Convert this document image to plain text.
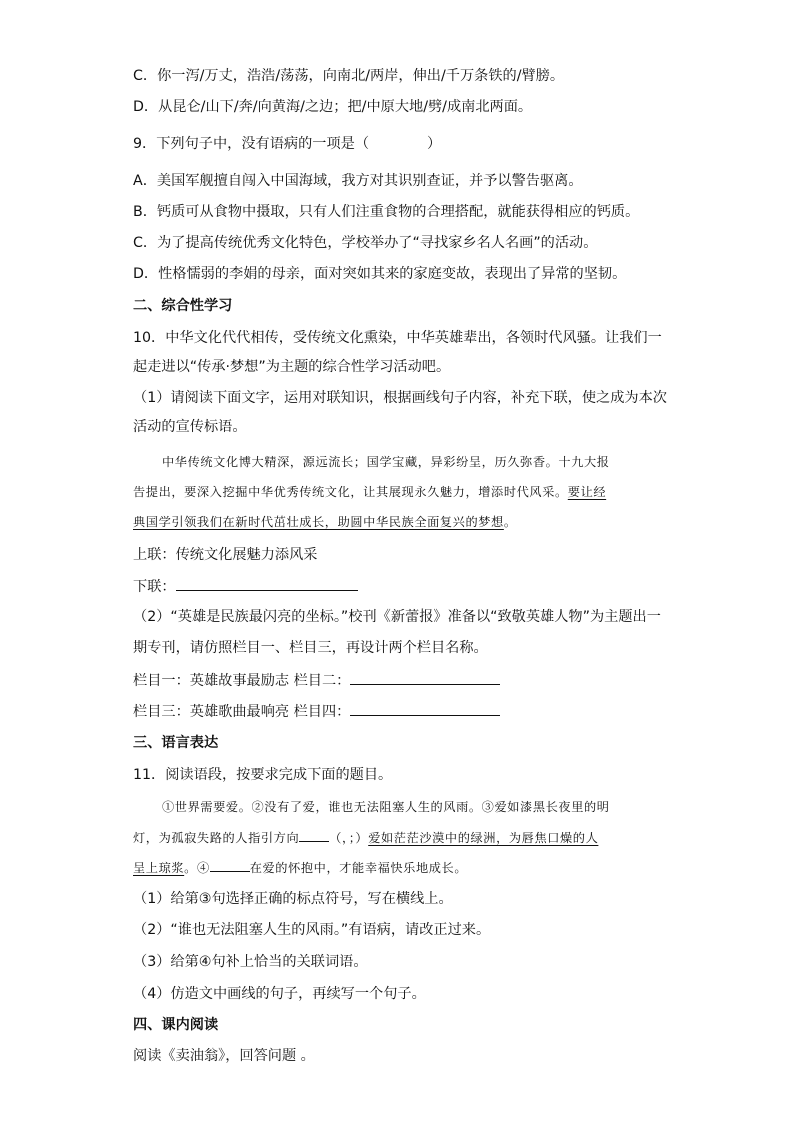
C．你一泻/万丈，浩浩/荡荡，向南北/两岸，伸出/千万条铁的/臂膀。
D．从昆仑/山下/奔/向黄海/之边；把/中原大地/劈/成南北两面。
9．下列句子中，没有语病的一项是（	）
A．美国军舰擅自闯入中国海域，我方对其识别查证，并予以警告驱离。
B．钙质可从食物中摄取，只有人们注重食物的合理搭配，就能获得相应的钙质。
C．为了提高传统优秀文化特色，学校举办了“寻找家乡名人名画”的活动。
D．性格懦弱的李娟的母亲，面对突如其来的家庭变故，表现出了异常的坚韧。
二、综合性学习
10．中华文化代代相传，受传统文化熏染，中华英雄辈出，各领时代风骚。让我们一
起走进以“传承·梦想”为主题的综合性学习活动吧。
（1）请阅读下面文字，运用对联知识，根据画线句子内容，补充下联，使之成为本次
活动的宣传标语。
中华传统文化博大精深，源远流长；国学宝藏，异彩纷呈，历久弥香。十九大报
告提出，要深入挖掘中华优秀传统文化，让其展现永久魅力，增添时代风采。要让经
典国学引领我们在新时代茁壮成长，助圆中华民族全面复兴的梦想。
上联：传统文化展魅力添风采
下联：
（2）“英雄是民族最闪亮的坐标。”校刊《新蕾报》准备以“致敬英雄人物”为主题出一
期专刊，请仿照栏目一、栏目三，再设计两个栏目名称。
栏目一：英雄故事最励志 栏目二：
栏目三：英雄歌曲最响亮 栏目四：
三、语言表达
11．阅读语段，按要求完成下面的题目。
①世界需要爱。②没有了爱，谁也无法阻塞人生的风雨。③爱如漆黑长夜里的明
灯，为孤寂失路的人指引方向 （，；）爱如茫茫沙漠中的绿洲，为唇焦口燥的人
呈上琼浆。④	在爱的怀抱中，才能幸福快乐地成长。
（1）给第③句选择正确的标点符号，写在横线上。
（2）“谁也无法阻塞人生的风雨。”有语病，请改正过来。
（3）给第④句补上恰当的关联词语。
（4）仿造文中画线的句子，再续写一个句子。
四、课内阅读
阅读《卖油翁》，回答问题 。
